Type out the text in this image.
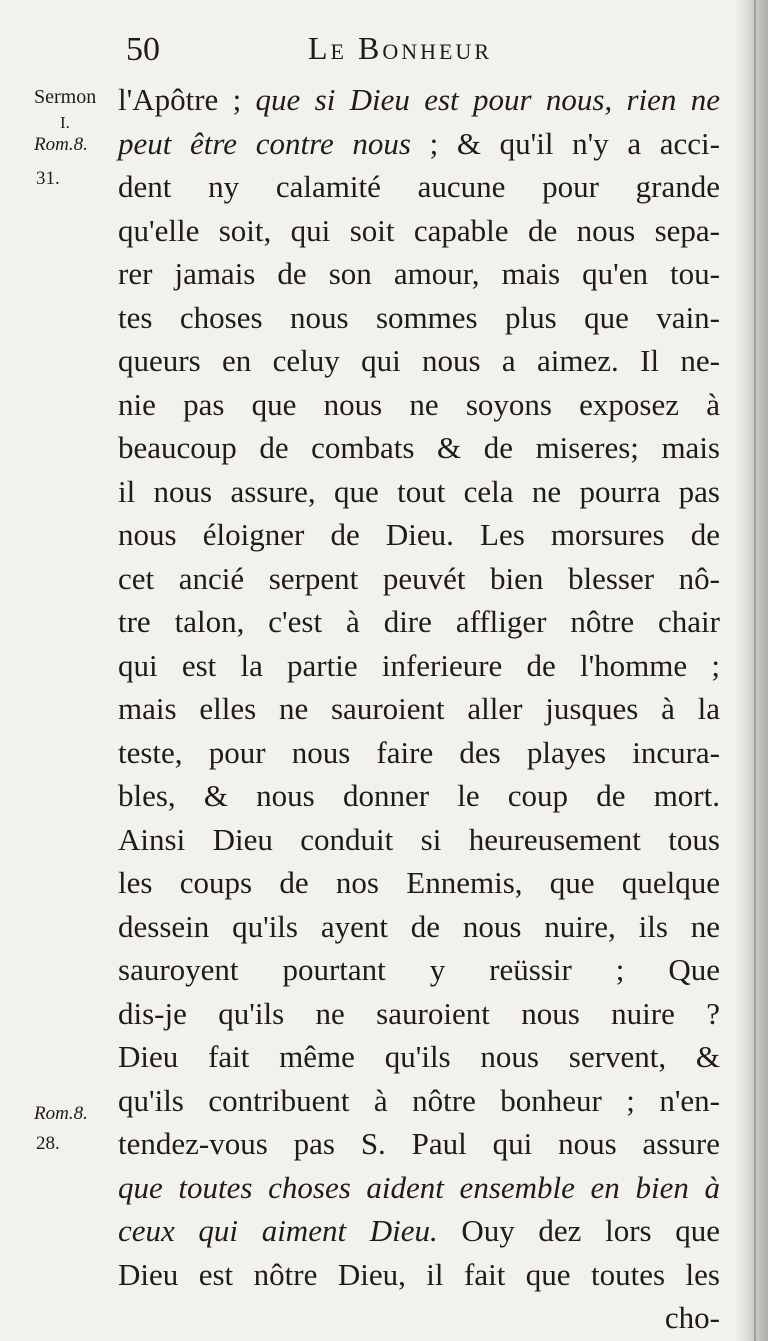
50	Le Bonheur
Sermon
I.
Rom.8.
31.
Rom.8.
28.
l'Apôtre ; que si Dieu est pour nous, rien ne
peut être contre nous ; & qu'il n'y a acci-
dent ny calamité aucune pour grande
qu'elle soit, qui soit capable de nous sepa-
rer jamais de son amour, mais qu'en tou-
tes choses nous sommes plus que vain-
queurs en celuy qui nous a aimez. Il ne-
nie pas que nous ne soyons exposez à
beaucoup de combats & de miseres; mais
il nous assure, que tout cela ne pourra pas
nous éloigner de Dieu. Les morsures de
cet ancié serpent peuvét bien blesser nô-
tre talon, c'est à dire affliger nôtre chair
qui est la partie inferieure de l'homme ;
mais elles ne sauroient aller jusques à la
teste, pour nous faire des playes incura-
bles, & nous donner le coup de mort.
Ainsi Dieu conduit si heureusement tous
les coups de nos Ennemis, que quelque
dessein qu'ils ayent de nous nuire, ils ne
sauroyent pourtant y reüssir ; Que
dis-je qu'ils ne sauroient nous nuire ?
Dieu fait même qu'ils nous servent, &
qu'ils contribuent à nôtre bonheur ; n'en-
tendez-vous pas S. Paul qui nous assure
que toutes choses aident ensemble en bien à
ceux qui aiment Dieu. Ouy dez lors que
Dieu est nôtre Dieu, il fait que toutes les
cho-
